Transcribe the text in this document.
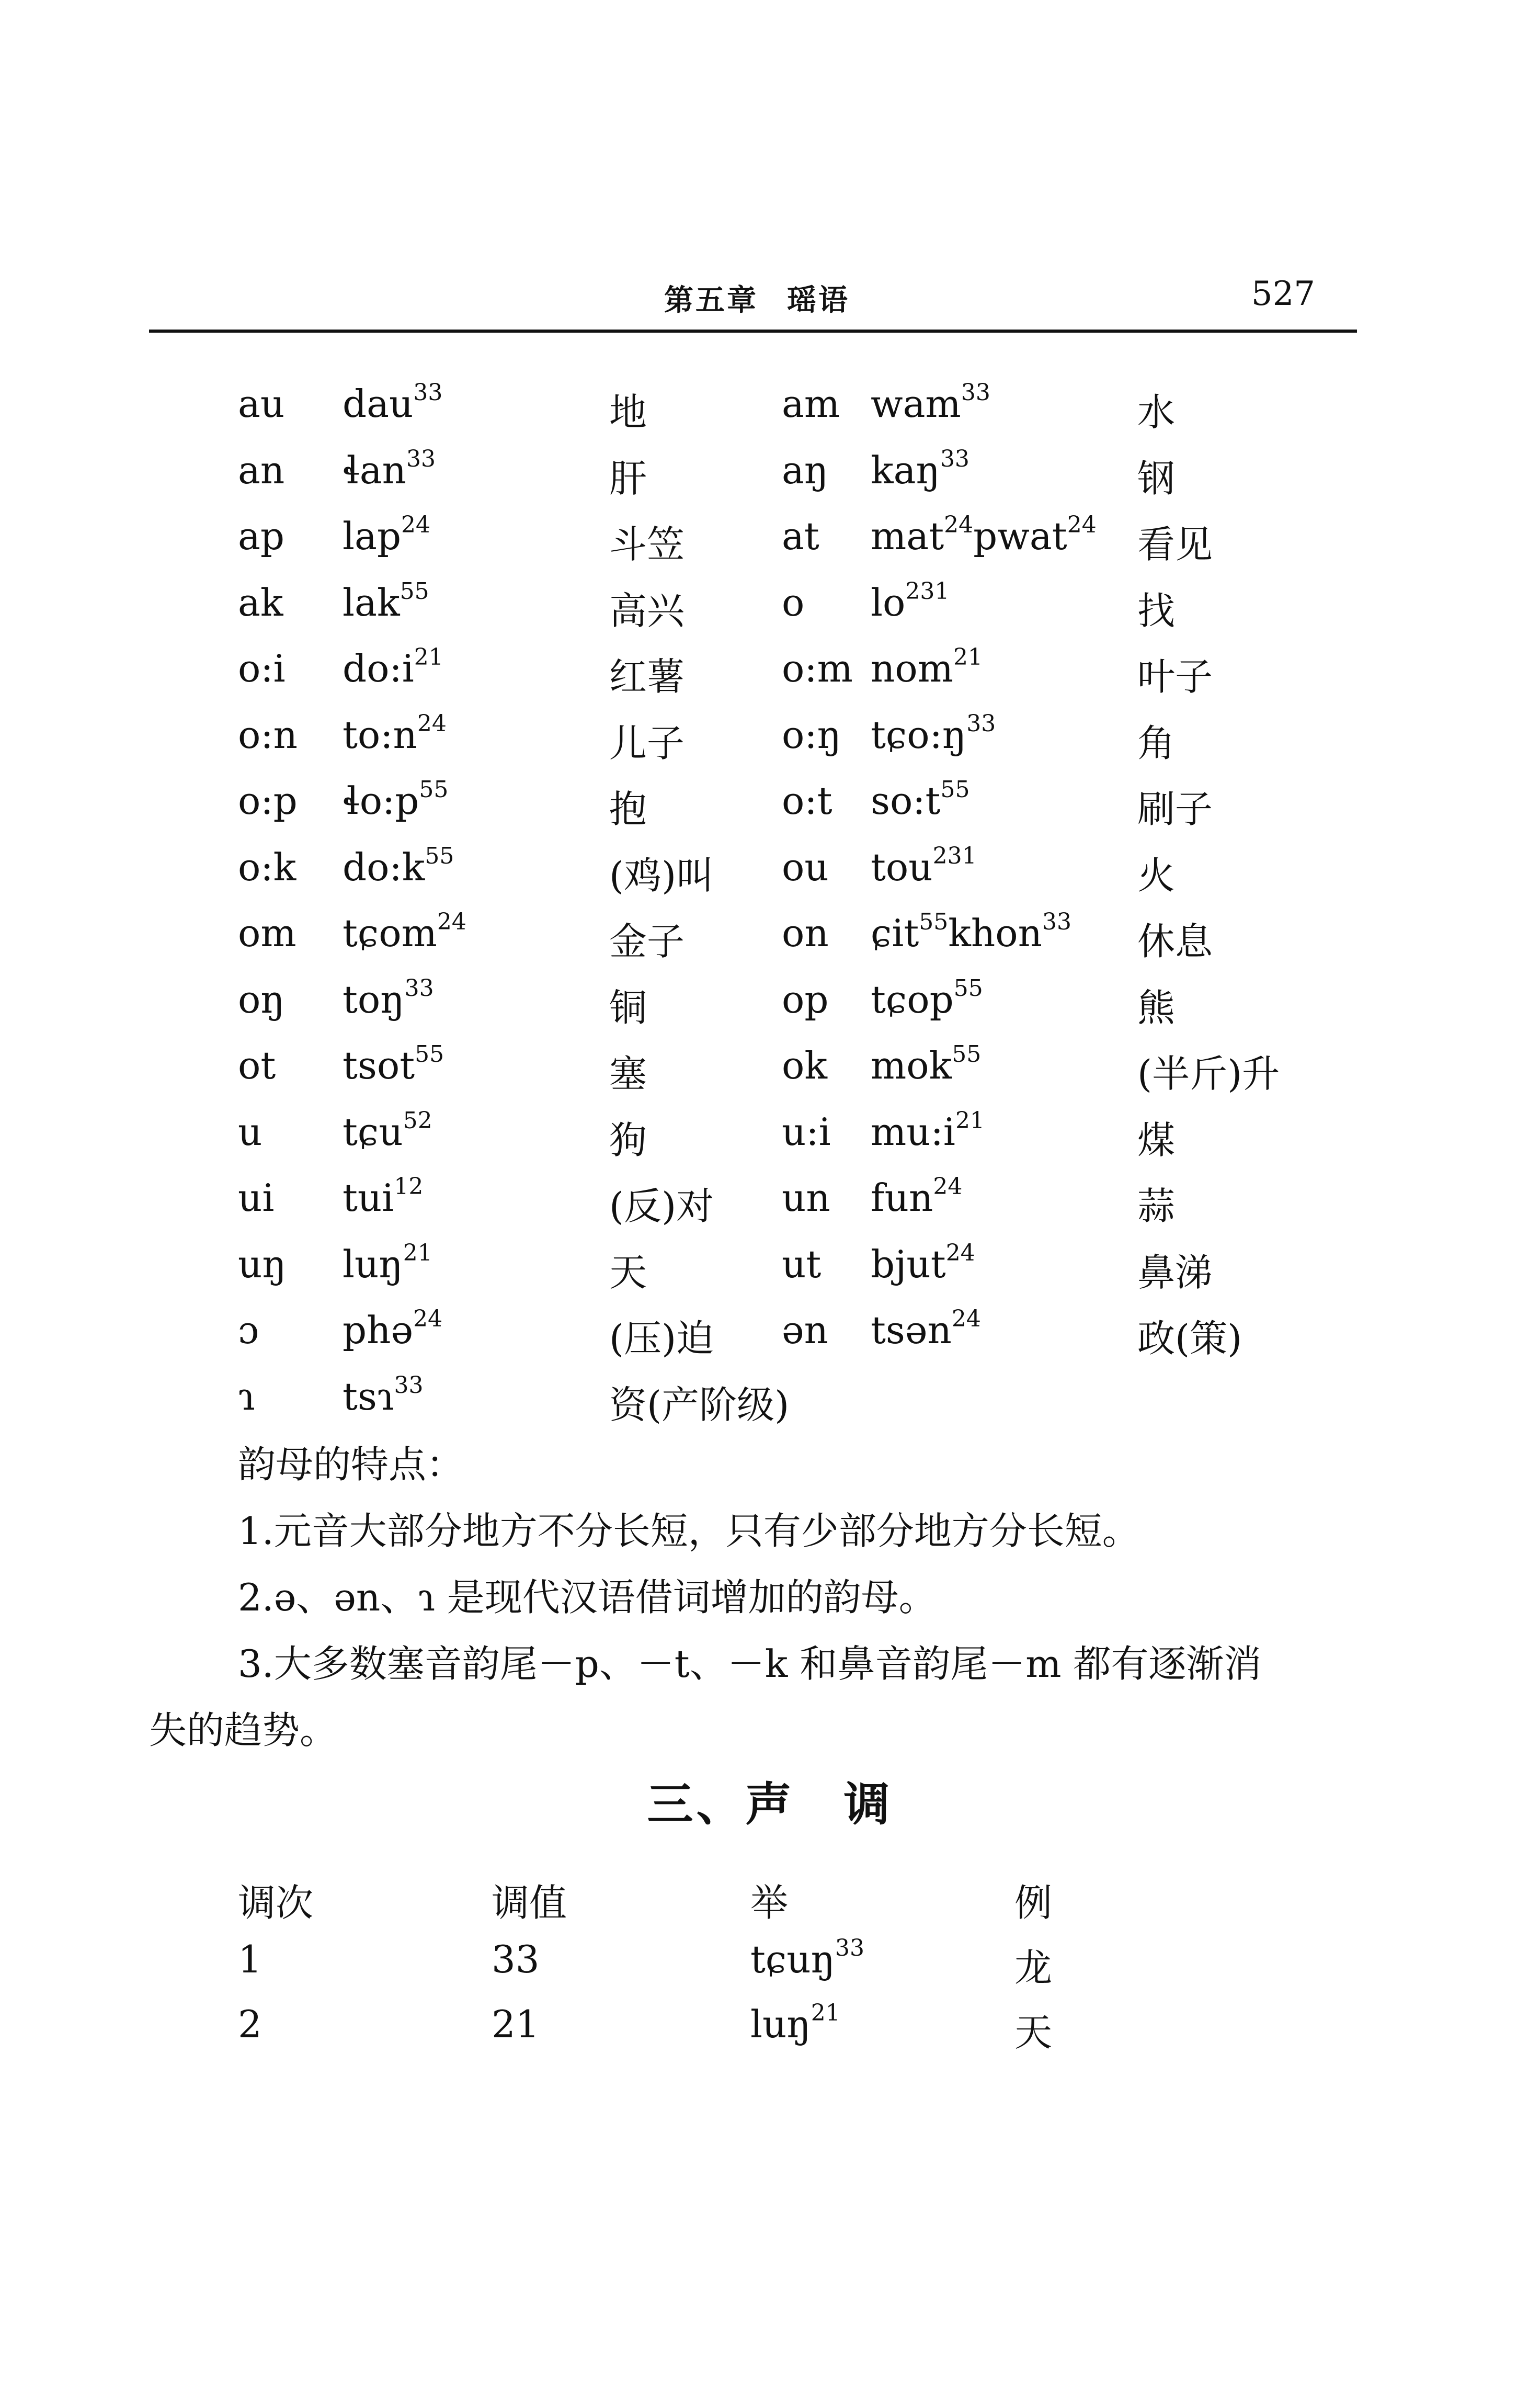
第五章 瑶语	527
au dau$^{33}$	地	am wam$^{33}$	水
an ɬan$^{33}$	肝	aŋ kaŋ$^{33}$	钢
ap lap$^{24}$	斗笠	at mat$^{24}$pwat$^{24}$ 看见
ak lak$^{55}$	高兴	o $lo^{231}$	找
o:i $do:i^{21}$	红薯	o:m nom$^{21}$	叶子
o:n $to:n^{24}$	儿子	o:ŋ $tɕo:ŋ^{33}$	角
o:p $ɬo:p^{55}$	抱	o:t $so:t^{55}$	刷子
o:k $do:k^{55}$	(鸡)叫 ou tou$^{231}$	火
om tɕom$^{24}$	金子	on ɕit$^{55}$khon$^{33}$ 休息
oŋ toŋ$^{33}$	铜	op tɕop$^{55}$	熊
ot tsot$^{55}$	塞	ok mok$^{55}$	(半斤)升
u tɕu$^{52}$	狗	u:i $mu:i^{21}$	煤
ui tui$^{12}$	(反)对 un fun$^{24}$	蒜
uŋ luŋ$^{21}$	天	ut bjut$^{24}$	鼻涕
ɔ phə$^{24}$	(压)迫 ən tsən$^{24}$	政(策)
ɿ tsɿ$^{33}$	资(产阶级)

韵母的特点：

1.元音大部分地方不分长短，只有少部分地方分长短。

2.ə、ən、ɿ 是现代汉语借词增加的韵母。

3.大多数塞音韵尾－p、－t、－k 和鼻音韵尾－m 都有逐渐消

失的趋势。

三、声　调
调次	调值	举	例
1	33	tɕuŋ$^{33}$	龙
2	21	luŋ$^{21}$	天
